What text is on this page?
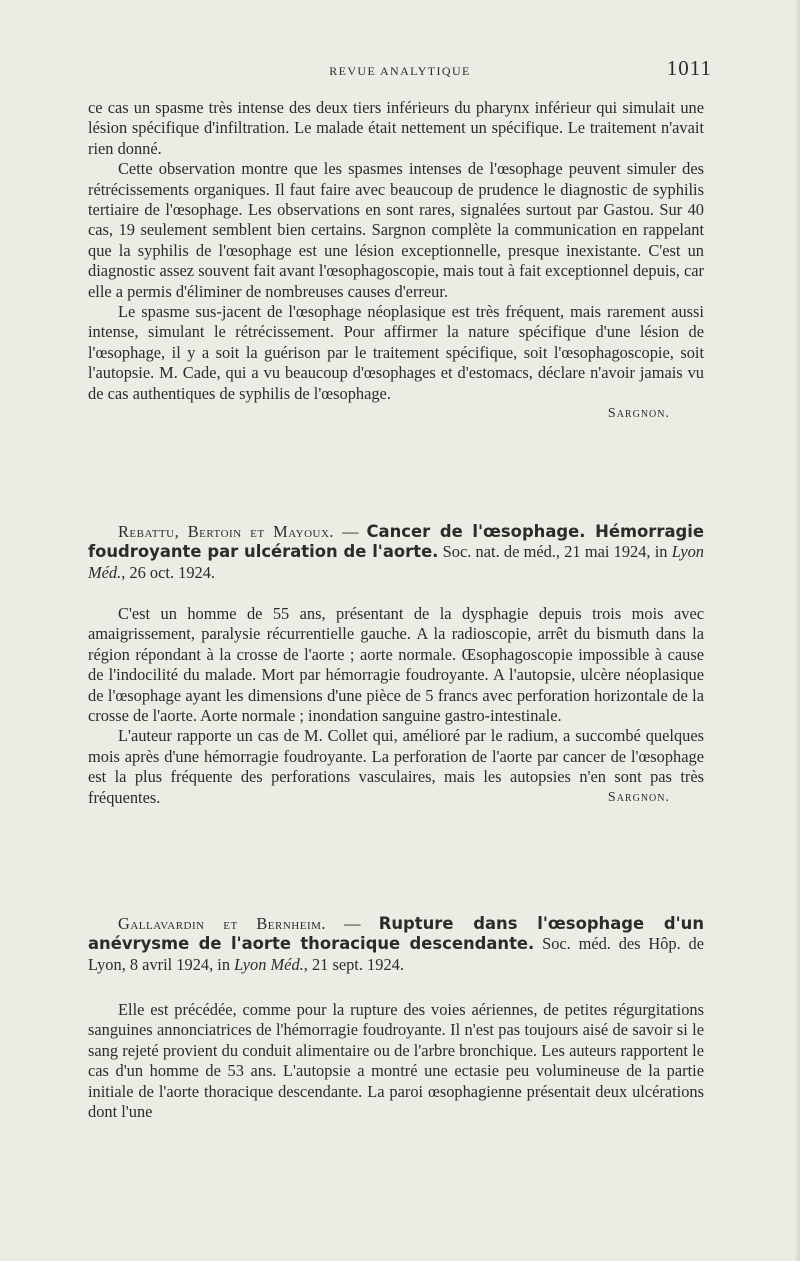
REVUE ANALYTIQUE	1011

ce cas un spasme très intense des deux tiers inférieurs du pharynx inférieur qui simulait une lésion spécifique d'infiltration. Le malade était nettement un spécifique. Le traitement n'avait rien donné.

Cette observation montre que les spasmes intenses de l'œsophage peuvent simuler des rétrécissements organiques. Il faut faire avec beaucoup de prudence le diagnostic de syphilis tertiaire de l'œsophage. Les observations en sont rares, signalées surtout par Gastou. Sur 40 cas, 19 seulement semblent bien certains. Sargnon complète la communication en rappelant que la syphilis de l'œsophage est une lésion exceptionnelle, presque inexistante. C'est un diagnostic assez souvent fait avant l'œsophagoscopie, mais tout à fait exceptionnel depuis, car elle a permis d'éliminer de nombreuses causes d'erreur.

Le spasme sus-jacent de l'œsophage néoplasique est très fréquent, mais rarement aussi intense, simulant le rétrécissement. Pour affirmer la nature spécifique d'une lésion de l'œsophage, il y a soit la guérison par le traitement spécifique, soit l'œsophagoscopie, soit l'autopsie. M. Cade, qui a vu beaucoup d'œsophages et d'estomacs, déclare n'avoir jamais vu de cas authentiques de syphilis de l'œsophage.

Sargnon.
Rebattu, Bertoin et Mayoux. — Cancer de l'œsophage. Hémorragie foudroyante par ulcération de l'aorte. Soc. nat. de méd., 21 mai 1924, in Lyon Méd., 26 oct. 1924.

C'est un homme de 55 ans, présentant de la dysphagie depuis trois mois avec amaigrissement, paralysie récurrentielle gauche. A la radioscopie, arrêt du bismuth dans la région répondant à la crosse de l'aorte ; aorte normale. Œsophagoscopie impossible à cause de l'indocilité du malade. Mort par hémorragie foudroyante. A l'autopsie, ulcère néoplasique de l'œsophage ayant les dimensions d'une pièce de 5 francs avec perforation horizontale de la crosse de l'aorte. Aorte normale ; inondation sanguine gastro-intestinale.

L'auteur rapporte un cas de M. Collet qui, amélioré par le radium, a succombé quelques mois après d'une hémorragie foudroyante. La perforation de l'aorte par cancer de l'œsophage est la plus fréquente des perforations vasculaires, mais les autopsies n'en sont pas très fréquentes.	Sargnon.

Gallavardin et Bernheim. — Rupture dans l'œsophage d'un anévrysme de l'aorte thoracique descendante. Soc. méd. des Hôp. de Lyon, 8 avril 1924, in Lyon Méd., 21 sept. 1924.

Elle est précédée, comme pour la rupture des voies aériennes, de petites régurgitations sanguines annonciatrices de l'hémorragie foudroyante. Il n'est pas toujours aisé de savoir si le sang rejeté provient du conduit alimentaire ou de l'arbre bronchique. Les auteurs rapportent le cas d'un homme de 53 ans. L'autopsie a montré une ectasie peu volumineuse de la partie initiale de l'aorte thoracique descendante. La paroi œsophagienne présentait deux ulcérations dont l'une
